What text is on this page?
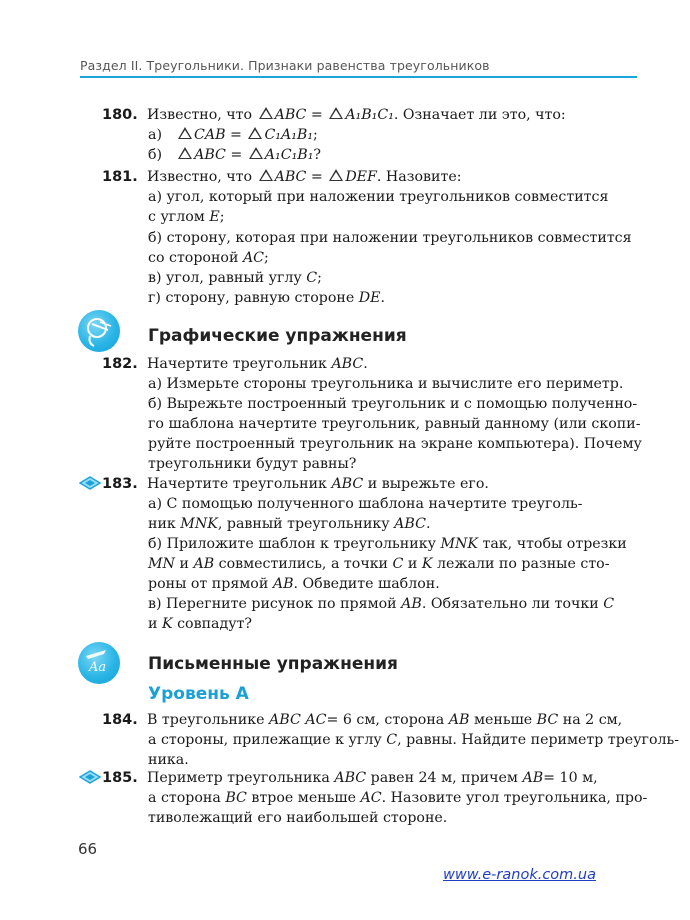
Раздел II. Треугольники. Признаки равенства треугольников
180. Известно, что ABC = A₁B₁C₁. Означает ли это, что:
а) CAB = C₁A₁B₁;
б) ABC = A₁C₁B₁?
181. Известно, что ABC = DEF. Назовите:
а) угол, который при наложении треугольников совместится
с углом E;
б) сторону, которая при наложении треугольников совместится
со стороной AC;
в) угол, равный углу C;
г) сторону, равную стороне DE.
Графические упражнения
182. Начертите треугольник ABC.
а) Измерьте стороны треугольника и вычислите его периметр.
б) Вырежьте построенный треугольник и с помощью полученно-
го шаблона начертите треугольник, равный данному (или скопи-
руйте построенный треугольник на экране компьютера). Почему
треугольники будут равны?
183. Начертите треугольник ABC и вырежьте его.
а) С помощью полученного шаблона начертите треуголь-
ник MNK, равный треугольнику ABC.
б) Приложите шаблон к треугольнику MNK так, чтобы отрезки
MN и AB совместились, а точки C и K лежали по разные сто-
роны от прямой AB. Обведите шаблон.
в) Перегните рисунок по прямой AB. Обязательно ли точки C
и K совпадут?
Aa Письменные упражнения
Уровень А
184. В треугольнике ABC AC= 6 см, сторона AB меньше BC на 2 см,
а стороны, прилежащие к углу C, равны. Найдите периметр треуголь-
ника.
185. Периметр треугольника ABC равен 24 м, причем AB= 10 м,
а сторона BC втрое меньше AC. Назовите угол треугольника, про-
тиволежащий его наибольшей стороне.
66
www.e-ranok.com.ua
